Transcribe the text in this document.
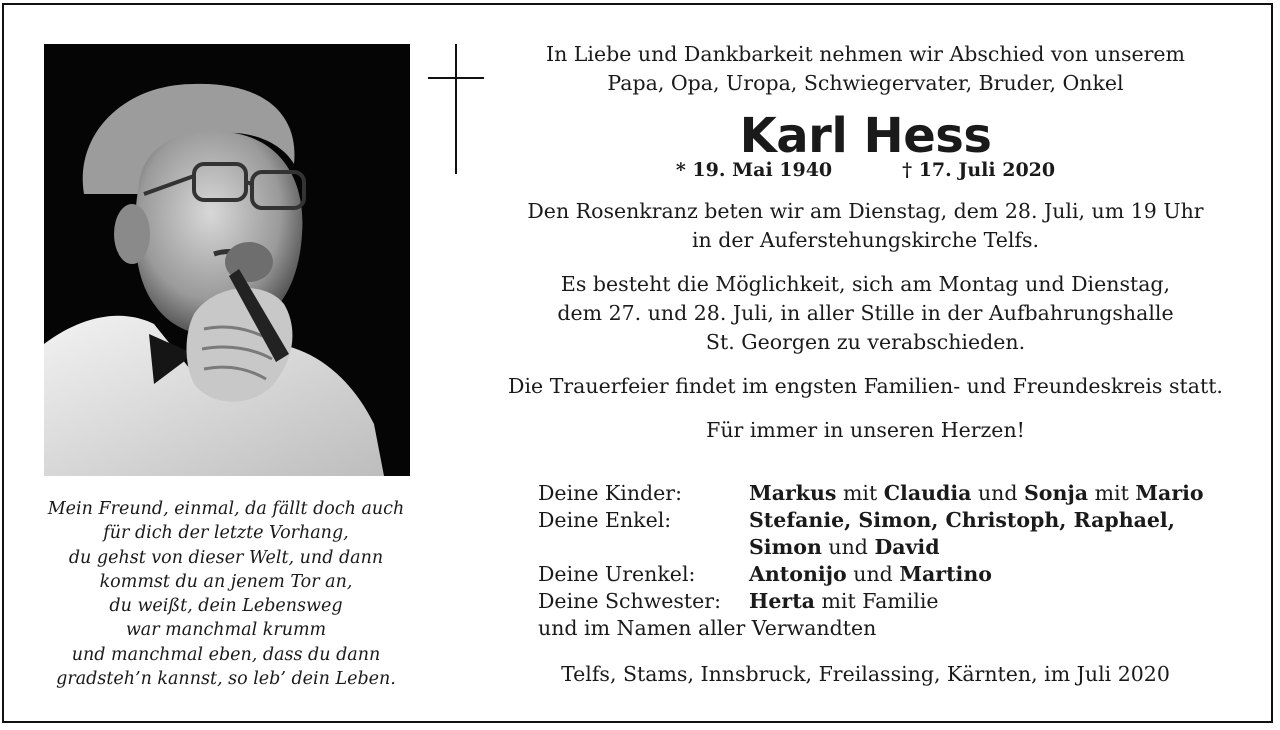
Mein Freund, einmal, da fällt doch auch
für dich der letzte Vorhang,
du gehst von dieser Welt, und dann
kommst du an jenem Tor an,
du weißt, dein Lebensweg
war manchmal krumm
und manchmal eben, dass du dann
gradsteh’n kannst, so leb’ dein Leben.
In Liebe und Dankbarkeit nehmen wir Abschied von unserem
Papa, Opa, Uropa, Schwiegervater, Bruder, Onkel
Karl Hess
* 19. Mai 1940	† 17. Juli 2020
Den Rosenkranz beten wir am Dienstag, dem 28. Juli, um 19 Uhr
in der Auferstehungskirche Telfs.
Es besteht die Möglichkeit, sich am Montag und Dienstag,
dem 27. und 28. Juli, in aller Stille in der Aufbahrungshalle
St. Georgen zu verabschieden.
Die Trauerfeier findet im engsten Familien- und Freundeskreis statt.
Für immer in unseren Herzen!
Deine Kinder:	Markus mit Claudia und Sonja mit Mario
Deine Enkel:	Stefanie, Simon, Christoph, Raphael,
Simon und David
Deine Urenkel:	Antonijo und Martino
Deine Schwester:	Herta mit Familie
und im Namen aller Verwandten
Telfs, Stams, Innsbruck, Freilassing, Kärnten, im Juli 2020
